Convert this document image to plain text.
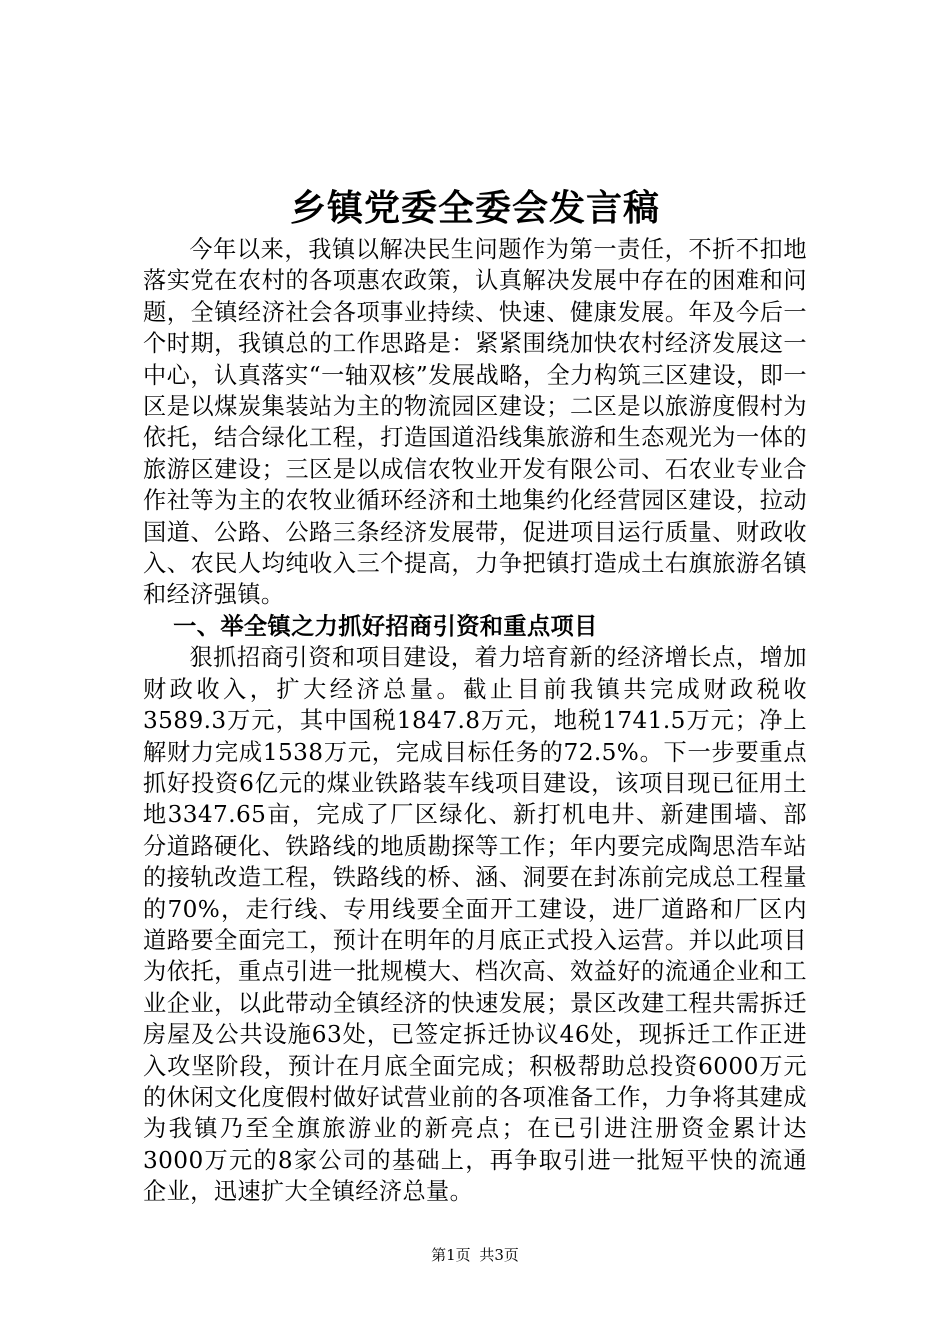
乡镇党委全委会发言稿

今年以来，我镇以解决民生问题作为第一责任，不折不扣地落实党在农村的各项惠农政策，认真解决发展中存在的困难和问题，全镇经济社会各项事业持续、快速、健康发展。年及今后一个时期，我镇总的工作思路是：紧紧围绕加快农村经济发展这一中心，认真落实“一轴双核”发展战略，全力构筑三区建设，即一区是以煤炭集装站为主的物流园区建设；二区是以旅游度假村为依托，结合绿化工程，打造国道沿线集旅游和生态观光为一体的旅游区建设；三区是以成信农牧业开发有限公司、石农业专业合作社等为主的农牧业循环经济和土地集约化经营园区建设，拉动国道、公路、公路三条经济发展带，促进项目运行质量、财政收入、农民人均纯收入三个提高，力争把镇打造成土右旗旅游名镇和经济强镇。

一、举全镇之力抓好招商引资和重点项目

狠抓招商引资和项目建设，着力培育新的经济增长点，增加财政收入，扩大经济总量。截止目前我镇共完成财政税收3589.3万元，其中国税1847.8万元，地税1741.5万元；净上解财力完成1538万元，完成目标任务的72.5%。下一步要重点抓好投资6亿元的煤业铁路装车线项目建设，该项目现已征用土地3347.65亩，完成了厂区绿化、新打机电井、新建围墙、部分道路硬化、铁路线的地质勘探等工作；年内要完成陶思浩车站的接轨改造工程，铁路线的桥、涵、洞要在封冻前完成总工程量的70%，走行线、专用线要全面开工建设，进厂道路和厂区内道路要全面完工，预计在明年的月底正式投入运营。并以此项目为依托，重点引进一批规模大、档次高、效益好的流通企业和工业企业，以此带动全镇经济的快速发展；景区改建工程共需拆迁房屋及公共设施63处，已签定拆迁协议46处，现拆迁工作正进入攻坚阶段，预计在月底全面完成；积极帮助总投资6000万元的休闲文化度假村做好试营业前的各项准备工作，力争将其建成为我镇乃至全旗旅游业的新亮点；在已引进注册资金累计达3000万元的8家公司的基础上，再争取引进一批短平快的流通企业，迅速扩大全镇经济总量。

第1页 共3页
